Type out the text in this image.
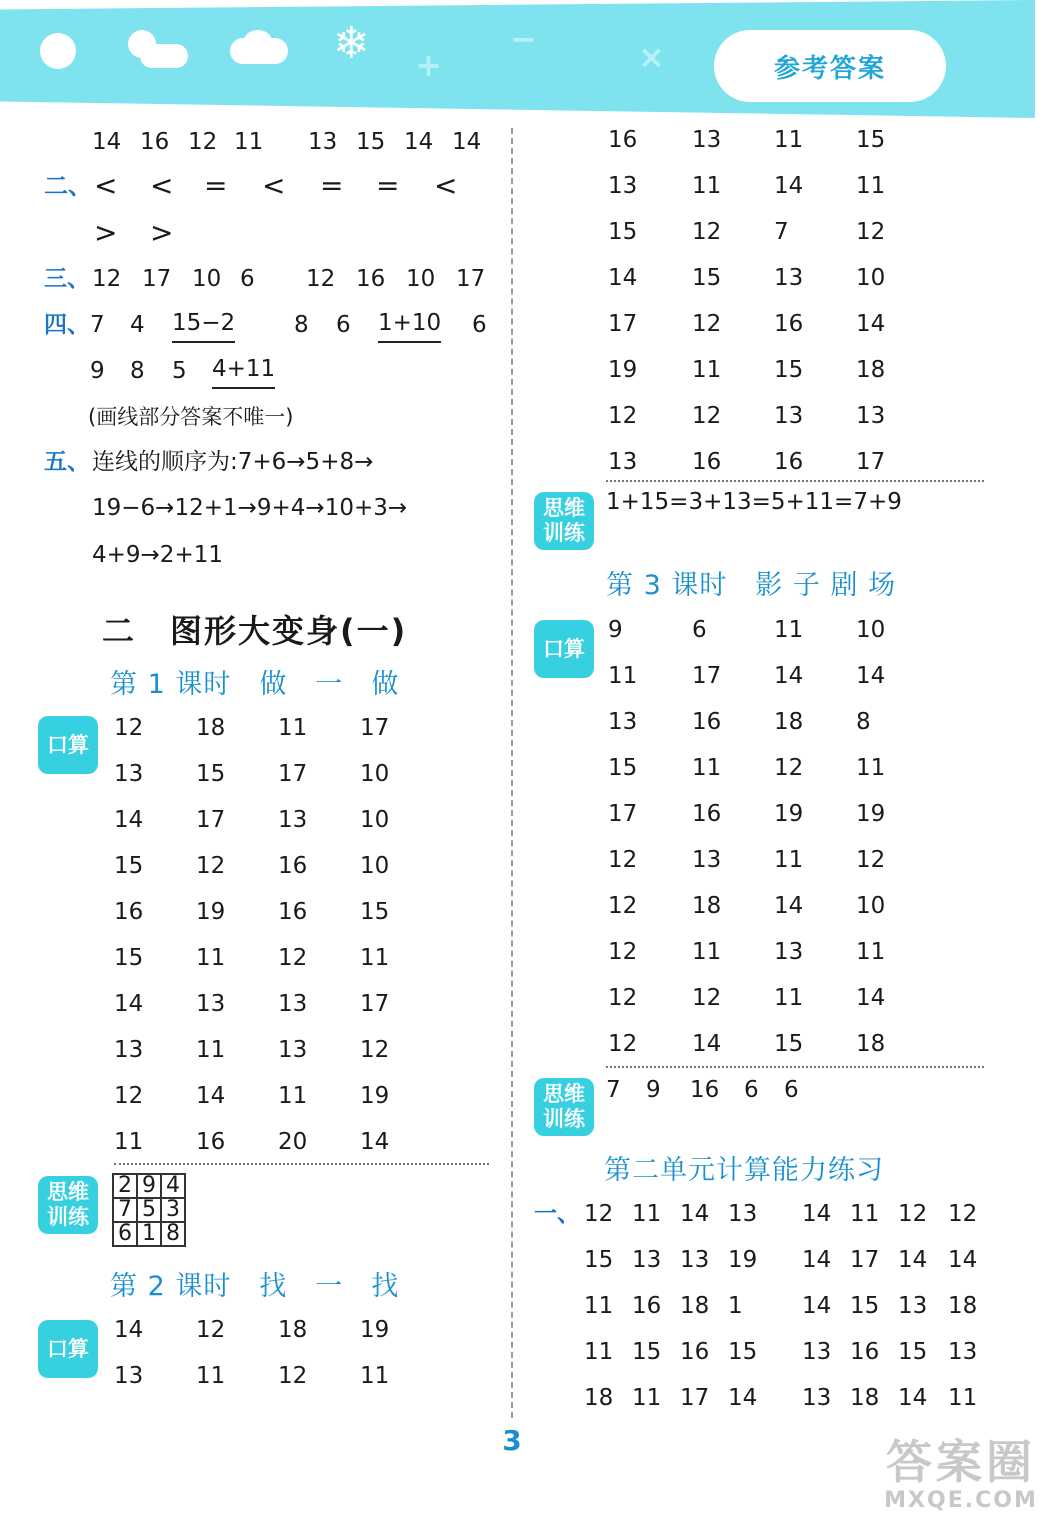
❄ +
−	×	参考答案
14 16 12 11 13 15 14 14
二、 < < = < = = <
> >
三、 12 17 10 6 12 16 10 17
四、 7 4 15−2	8 6 1+10 6
9 8 5 4+11
(画线部分答案不唯一)
五、 连线的顺序为:7+6→5+8→
19−6→12+1→9+4→10+3→
4+9→2+11
二　图形大变身(一)
第 1 课时　做　一　做
口算
12 18 11 17
13 15 17 10
14 17 13 10
15 12 16 10
16 19 16 15
15 11 12 11
14 13 13 17
13 11 13 12
12 14 11 19
11 16 20 14
思维训练
2	9	4
7	5	3
6	1	8
第 2 课时　找　一　找
口算
14 12 18 19
13 11 12 11
16 13 11 15
13 11 14 11
15 12 7	12
14 15 13 10
17 12 16 14
19 11 15 18
12 12 13 13
13 16 16 17
思维训练
1+15=3+13=5+11=7+9
第 3 课时　影 子 剧 场
口算
9	6	11 10
11 17 14 14
13 16 18 8
15 11 12 11
17 16 19 19
12 13 11 12
12 18 14 10
12 11 13 11
12 12 11 14
12 14 15 18
思维训练
7 9 16 6 6
第二单元计算能力练习
一、 12 11 14 13 14 11 12 12
15 13 13 19 14 17 14 14
11 16 18 1	14 15 13 18
11 15 16 15 13 16 15 13
18 11 17 14 13 18 14 11
3	答案圈
MXQE.COM
